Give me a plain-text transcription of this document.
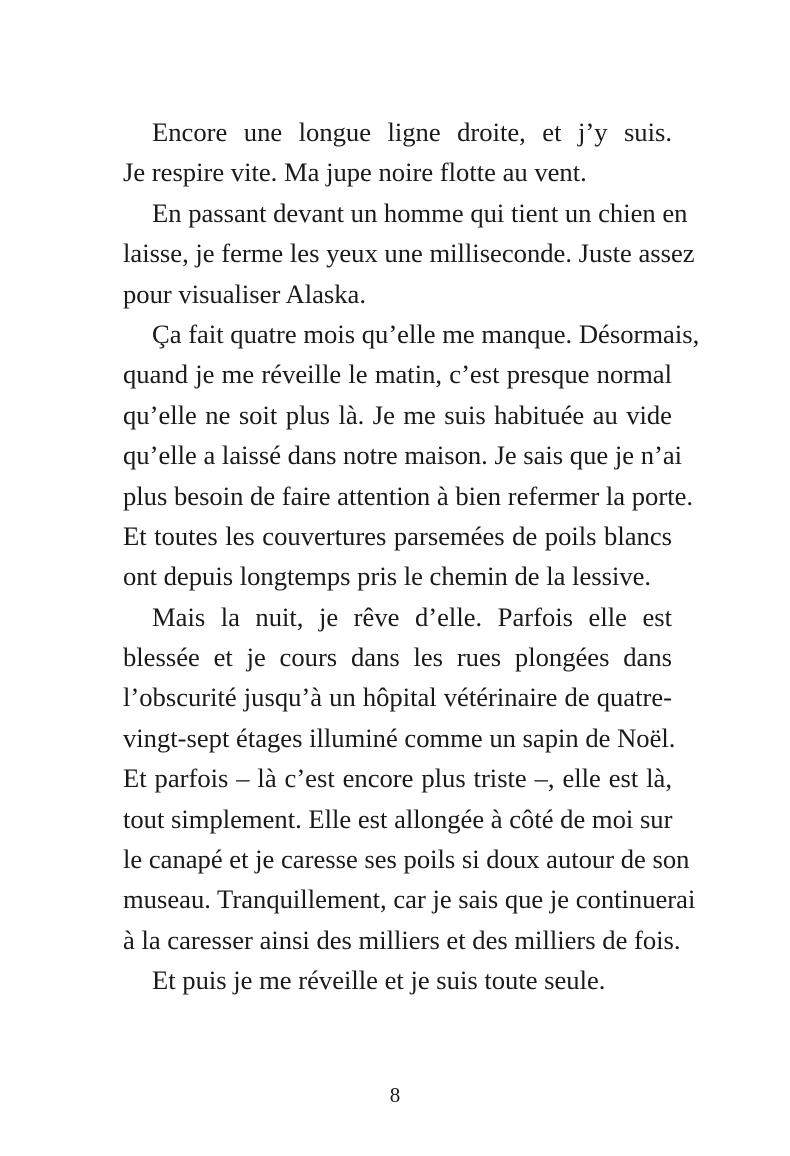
Encore une longue ligne droite, et j’y suis.
Je respire vite. Ma jupe noire flotte au vent.
En passant devant un homme qui tient un chien en
laisse, je ferme les yeux une milliseconde. Juste assez
pour visualiser Alaska.
Ça fait quatre mois qu’elle me manque. Désormais,
quand je me réveille le matin, c’est presque normal
qu’elle ne soit plus là. Je me suis habituée au vide
qu’elle a laissé dans notre maison. Je sais que je n’ai
plus besoin de faire attention à bien refermer la porte.
Et toutes les couvertures parsemées de poils blancs
ont depuis longtemps pris le chemin de la lessive.
Mais la nuit, je rêve d’elle. Parfois elle est
blessée et je cours dans les rues plongées dans
l’obscurité jusqu’à un hôpital vétérinaire de quatre-
vingt-sept étages illuminé comme un sapin de Noël.
Et parfois – là c’est encore plus triste –, elle est là,
tout simplement. Elle est allongée à côté de moi sur
le canapé et je caresse ses poils si doux autour de son
museau. Tranquillement, car je sais que je continuerai
à la caresser ainsi des milliers et des milliers de fois.
Et puis je me réveille et je suis toute seule.
8
